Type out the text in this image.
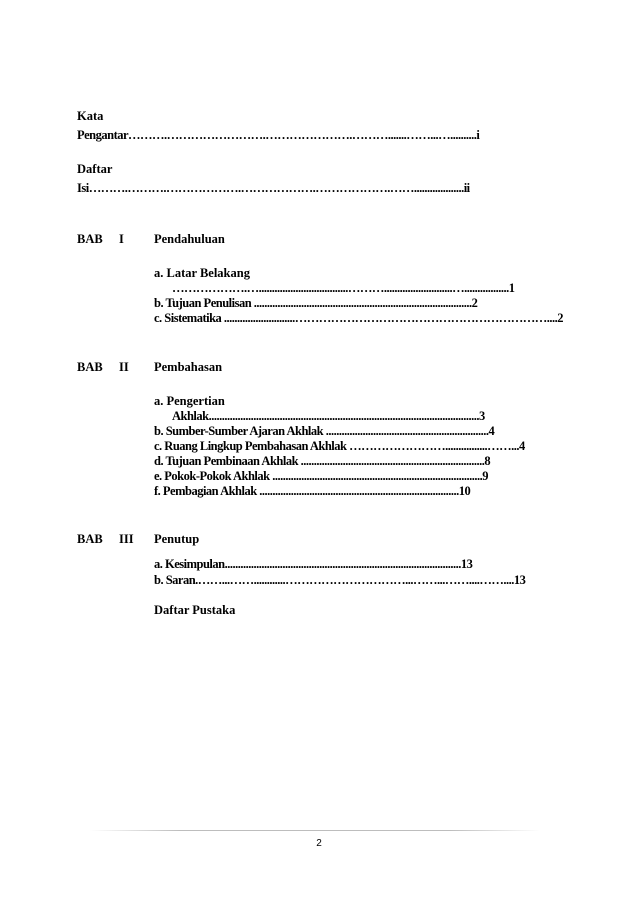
Kata
Pengantar……….…………………….………………….……….......……...…..........i
Daftar
Isi……….……….……………….……………….……………….……...................ii
BAB I Pendahuluan
a. Latar Belakang
……………….…..................................………..........................….................1
b. Tujuan Penulisan ...................................................................................2
c. Sistematika ...........................………………………………………………………....2
BAB II Pembahasan
a. Pengertian
Akhlak.......................................................................................................3
b. Sumber-Sumber Ajaran Akhlak ..............................................................4
c. Ruang Lingkup Pembahasan Akhlak ……………………................……...4
d. Tujuan Pembinaan Akhlak ......................................................................8
e. Pokok-Pokok Akhlak ................................................................................9
f. Pembagian Akhlak ............................................................................10
BAB III Penutup
a. Kesimpulan..........................................................................................13
b. Saran.……...……............…………………………...……...……....……....13
Daftar Pustaka
2
